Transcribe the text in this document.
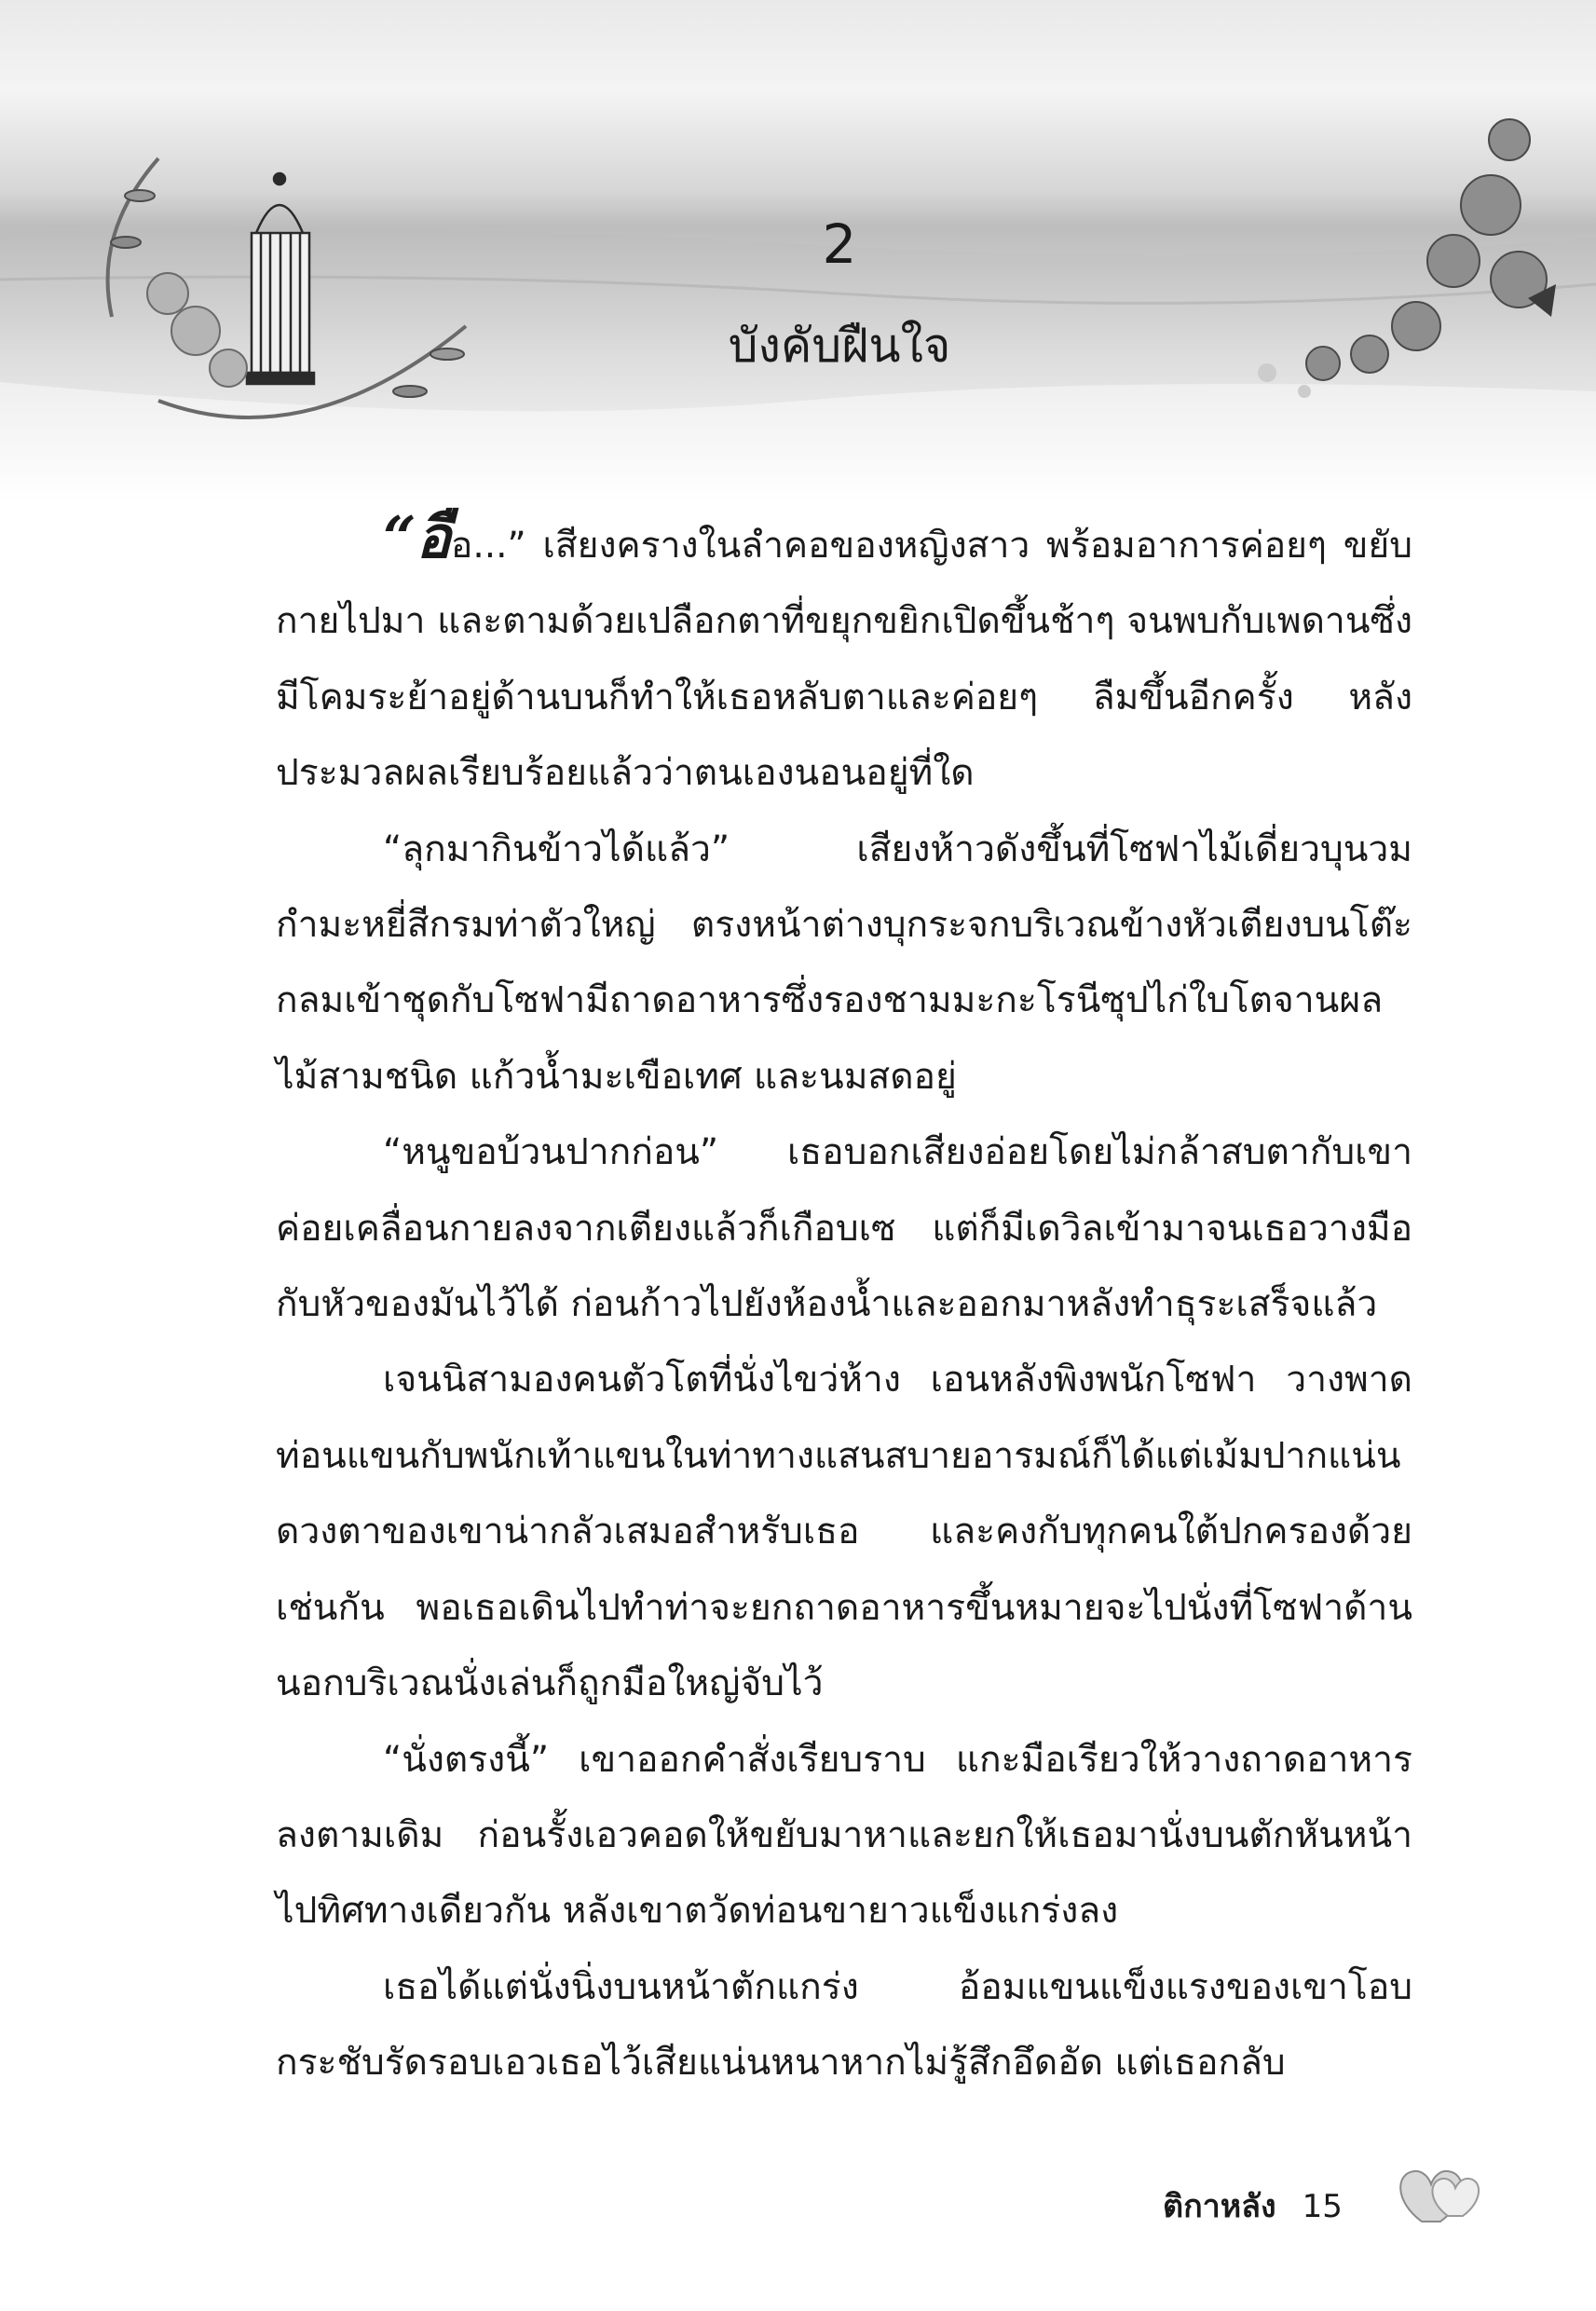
2
บังคับฝืนใจ

“อือ...” เสียงครางในลำคอของหญิงสาว พร้อมอาการค่อยๆ ขยับกายไปมา และตามด้วยเปลือกตาที่ขยุกขยิกเปิดขึ้นช้าๆ จนพบกับเพดานซึ่งมีโคมระย้าอยู่ด้านบนก็ทำให้เธอหลับตาและค่อยๆ ลืมขึ้นอีกครั้ง หลังประมวลผลเรียบร้อยแล้วว่าตนเองนอนอยู่ที่ใด

“ลุกมากินข้าวได้แล้ว” เสียงห้าวดังขึ้นที่โซฟาไม้เดี่ยวบุนวมกำมะหยี่สีกรมท่าตัวใหญ่ ตรงหน้าต่างบุกระจกบริเวณข้างหัวเตียงบนโต๊ะกลมเข้าชุดกับโซฟามีถาดอาหารซึ่งรองชามมะกะโรนีซุปไก่ใบโตจานผลไม้สามชนิด แก้วน้ำมะเขือเทศ และนมสดอยู่

“หนูขอบ้วนปากก่อน” เธอบอกเสียงอ่อยโดยไม่กล้าสบตากับเขาค่อยเคลื่อนกายลงจากเตียงแล้วก็เกือบเซ แต่ก็มีเดวิลเข้ามาจนเธอวางมือกับหัวของมันไว้ได้ ก่อนก้าวไปยังห้องน้ำและออกมาหลังทำธุระเสร็จแล้ว

เจนนิสามองคนตัวโตที่นั่งไขว่ห้าง เอนหลังพิงพนักโซฟา วางพาดท่อนแขนกับพนักเท้าแขนในท่าทางแสนสบายอารมณ์ก็ได้แต่เม้มปากแน่น ดวงตาของเขาน่ากลัวเสมอสำหรับเธอ และคงกับทุกคนใต้ปกครองด้วยเช่นกัน พอเธอเดินไปทำท่าจะยกถาดอาหารขึ้นหมายจะไปนั่งที่โซฟาด้านนอกบริเวณนั่งเล่นก็ถูกมือใหญ่จับไว้

“นั่งตรงนี้” เขาออกคำสั่งเรียบราบ แกะมือเรียวให้วางถาดอาหารลงตามเดิม ก่อนรั้งเอวคอดให้ขยับมาหาและยกให้เธอมานั่งบนตักหันหน้าไปทิศทางเดียวกัน หลังเขาตวัดท่อนขายาวแข็งแกร่งลง

เธอได้แต่นั่งนิ่งบนหน้าตักแกร่ง อ้อมแขนแข็งแรงของเขาโอบกระชับรัดรอบเอวเธอไว้เสียแน่นหนาหากไม่รู้สึกอึดอัด แต่เธอกลับ

ติกาหลัง 15
